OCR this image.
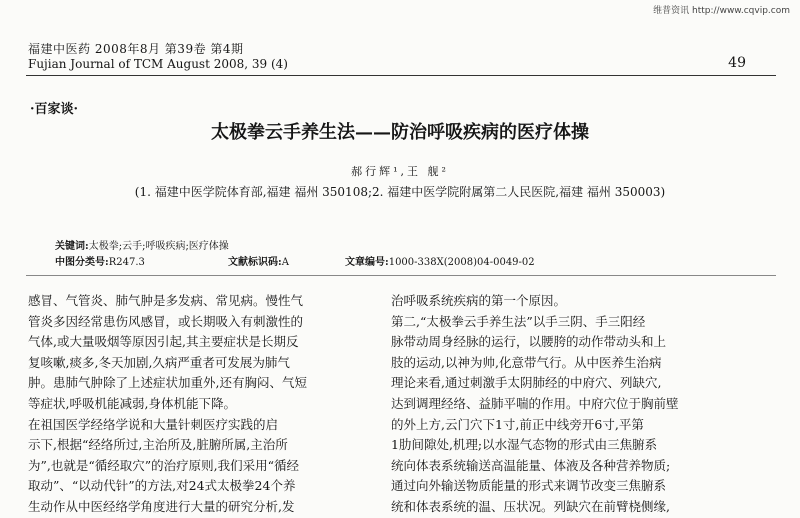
维普资讯 http://www.cqvip.com
福建中医药 2008年8月 第39卷 第4期
Fujian Journal of TCM August 2008, 39 (4)	49
·百家谈·
太极拳云手养生法——防治呼吸疾病的医疗体操
郝行辉¹,王 舰²
(1. 福建中医学院体育部,福建 福州 350108;2. 福建中医学院附属第二人民医院,福建 福州 350003)
关键词:太极拳;云手;呼吸疾病;医疗体操
中图分类号:R247.3	文献标识码:A	文章编号:1000-338X(2008)04-0049-02

感冒、气管炎、肺气肿是多发病、常见病。慢性气

管炎多因经常患伤风感冒，或长期吸入有刺激性的

气体,或大量吸烟等原因引起,其主要症状是长期反

复咳嗽,痰多,冬天加剧,久病严重者可发展为肺气

肿。患肺气肿除了上述症状加重外,还有胸闷、气短

等症状,呼吸机能减弱,身体机能下降。

在祖国医学经络学说和大量针刺医疗实践的启

示下,根据“经络所过,主治所及,脏腑所属,主治所

为”,也就是“循经取穴”的治疗原则,我们采用“循经

取动”、“以动代针”的方法,对24式太极拳24个养

生动作从中医经络学角度进行大量的研究分析,发

治呼吸系统疾病的第一个原因。

第二,“太极拳云手养生法”以手三阴、手三阳经

脉带动周身经脉的运行，以腰胯的动作带动头和上

肢的运动,以神为帅,化意带气行。从中医养生治病

理论来看,通过刺激手太阴肺经的中府穴、列缺穴,

达到调理经络、益肺平喘的作用。中府穴位于胸前壁

的外上方,云门穴下1寸,前正中线旁开6寸,平第

1肋间隙处,机理;以水湿气态物的形式由三焦腑系

统向体表系统输送高温能量、体液及各种营养物质;

通过向外输送物质能量的形式来调节改变三焦腑系

统和体表系统的温、压状况。列缺穴在前臂桡侧缘,
